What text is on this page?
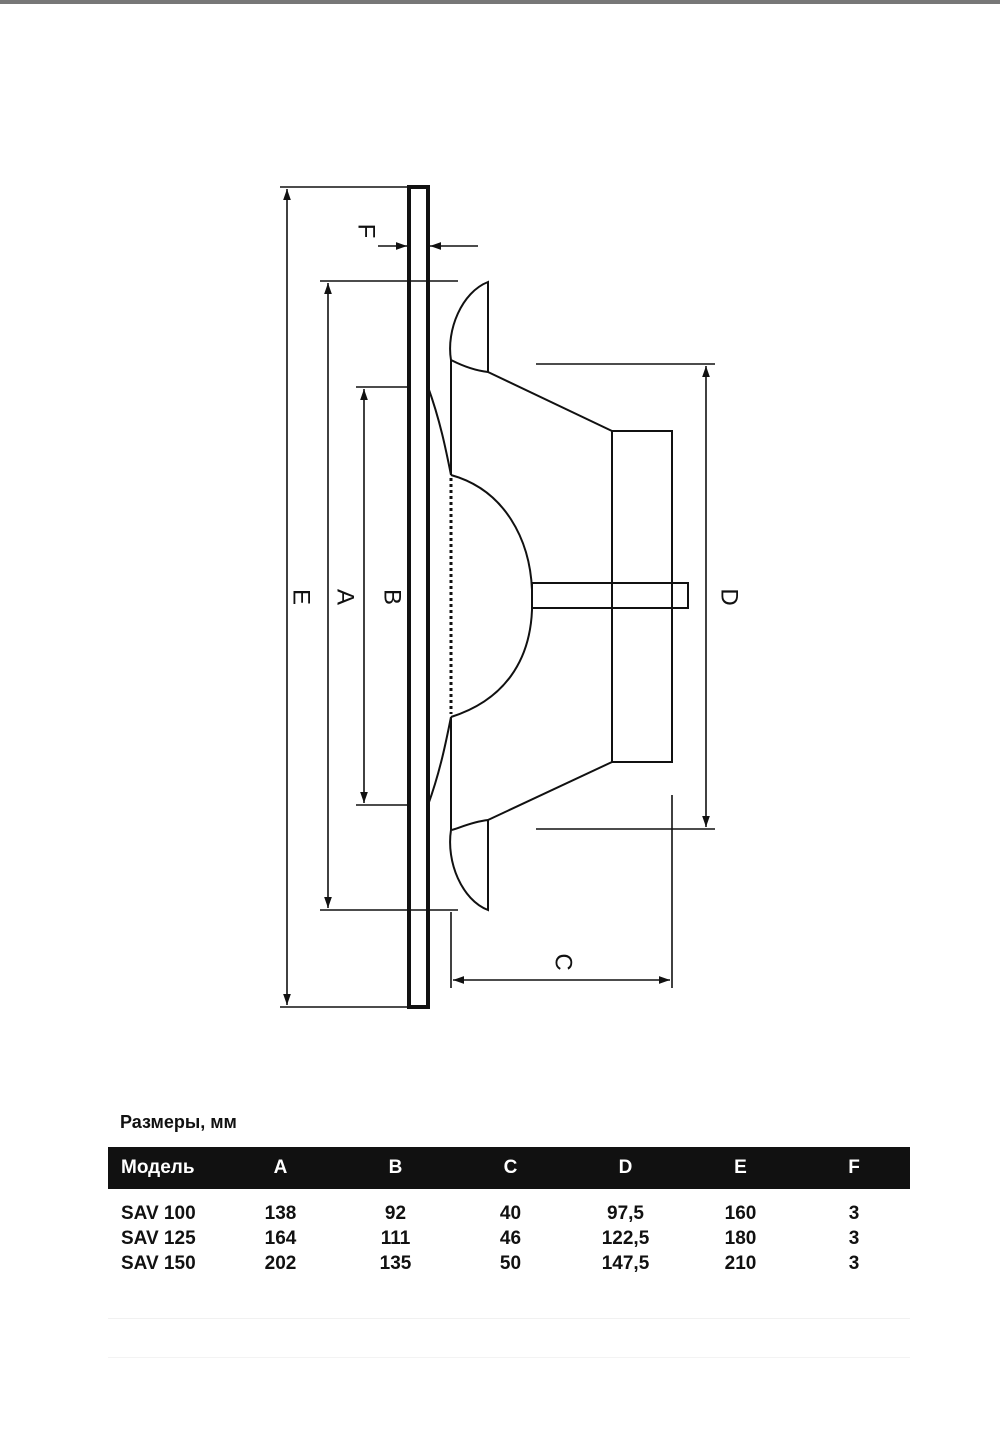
E A B
F
D
C
Размеры, мм
Модель	A	B	C	D	E	F

SAV 100	138	92	40	97,5	160	3
SAV 125	164	111	46	122,5	180	3
SAV 150	202	135	50	147,5	210	3
